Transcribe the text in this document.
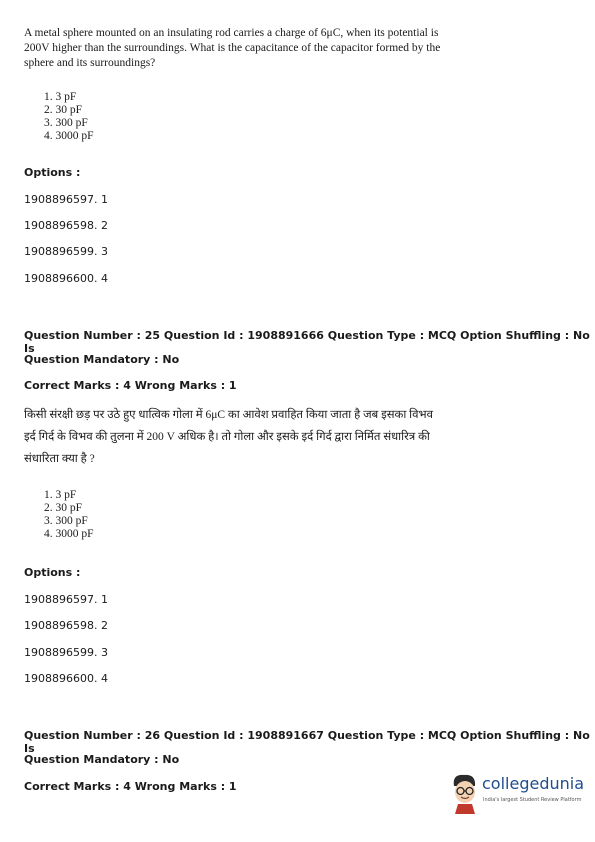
A metal sphere mounted on an insulating rod carries a charge of 6μC, when its potential is 200V higher than the surroundings. What is the capacitance of the capacitor formed by the sphere and its surroundings?
1. 3 pF
2. 30 pF
3. 300 pF
4. 3000 pF
Options :
1908896597. 1
1908896598. 2
1908896599. 3
1908896600. 4
Question Number : 25 Question Id : 1908891666 Question Type : MCQ Option Shuffling : No Is
Question Mandatory : No
Correct Marks : 4 Wrong Marks : 1
किसी संरक्षी छड़ पर उठे हुए धात्विक गोला में 6μC का आवेश प्रवाहित किया जाता है जब इसका विभव इर्द गिर्द के विभव की तुलना में 200 V अधिक है। तो गोला और इसके इर्द गिर्द द्वारा निर्मित संधारित्र की संधारिता क्या है ?
1. 3 pF
2. 30 pF
3. 300 pF
4. 3000 pF
Options :
1908896597. 1
1908896598. 2
1908896599. 3
1908896600. 4
Question Number : 26 Question Id : 1908891667 Question Type : MCQ Option Shuffling : No Is
Question Mandatory : No
Correct Marks : 4 Wrong Marks : 1	collegedunia
India's largest Student Review Platform
